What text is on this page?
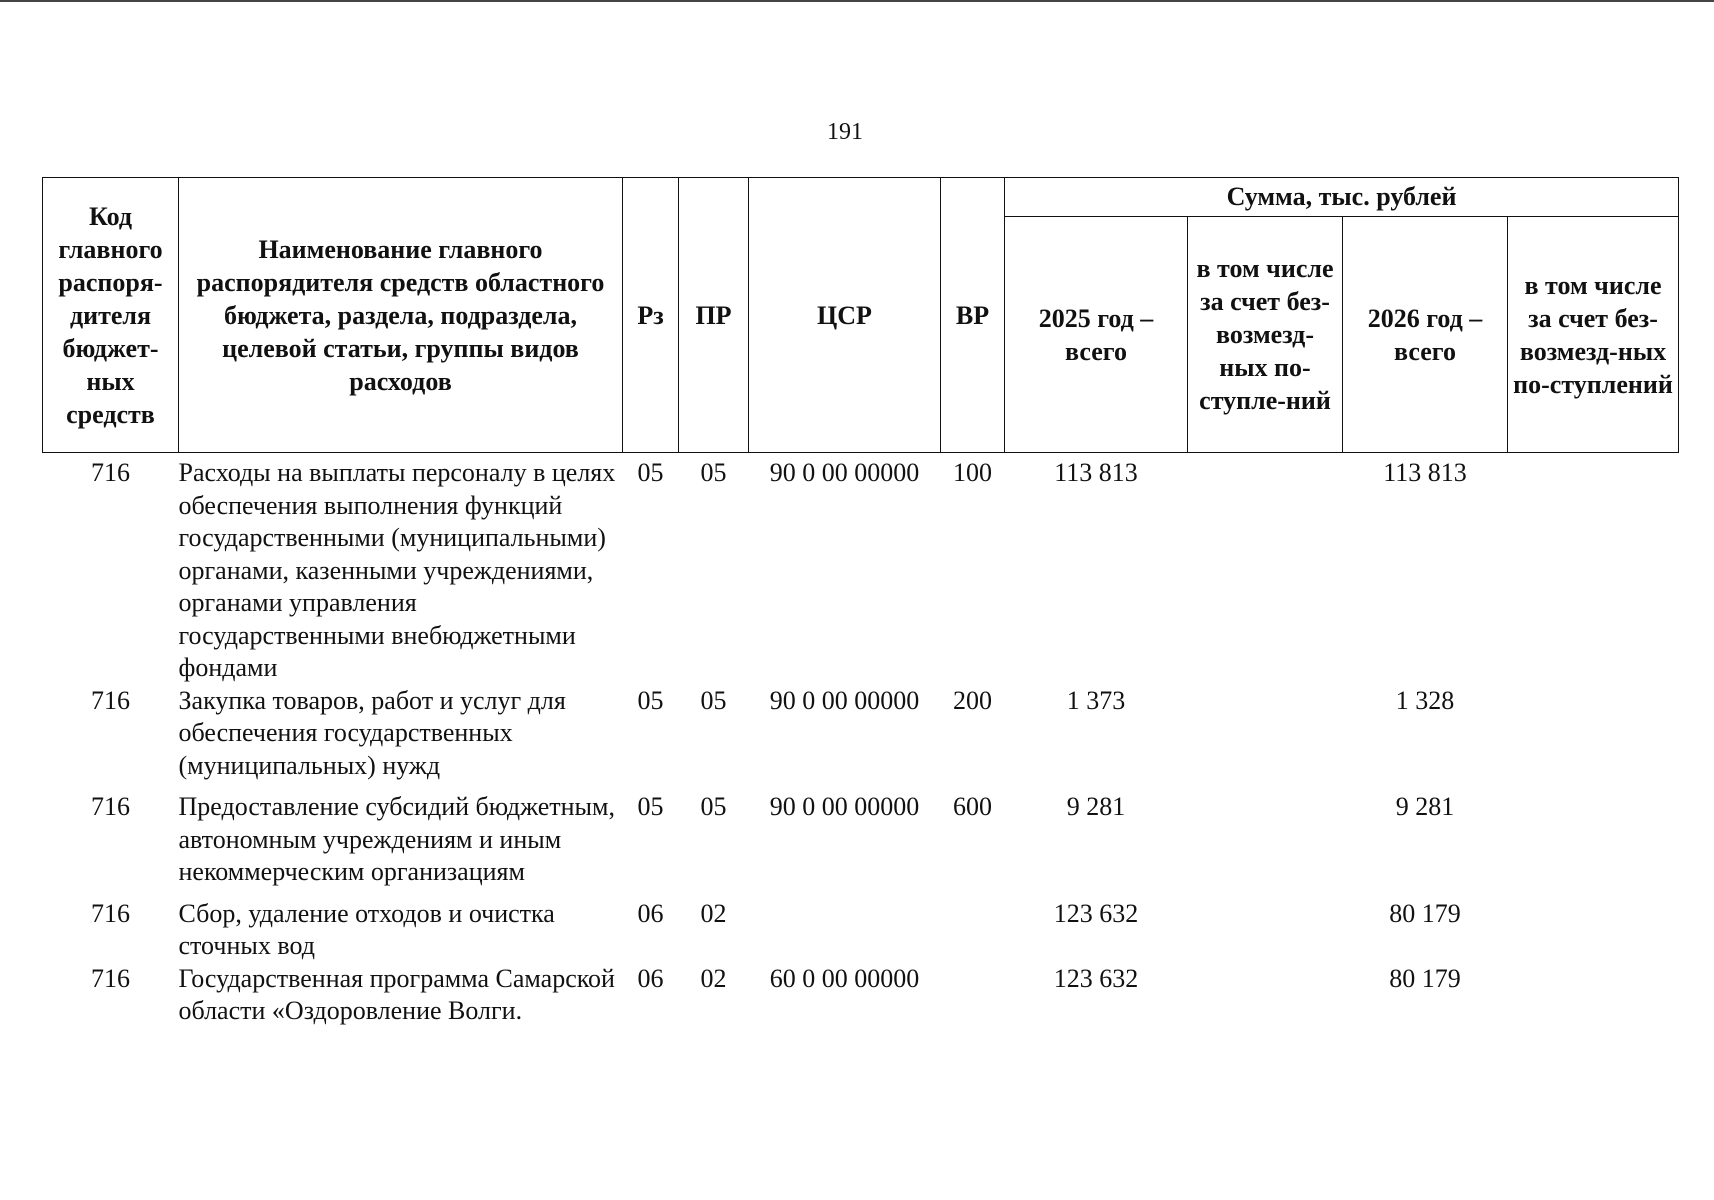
191
Код главного распоря-дителя бюджет-ных средств	Наименование главного распорядителя средств областного бюджета, раздела, подраздела, целевой статьи, группы видов расходов	Рз	ПР	ЦСР	ВР	Сумма, тыс. рублей			
						2025 год – всего	в том числе за счет без-возмезд-ных по-ступле-ний	2026 год – всего	в том числе за счет без-возмезд-ных по-ступлений
716	Расходы на выплаты персоналу в целях обеспечения выполнения функций государственными (муниципальными) органами, казенными учреждениями, органами управления государственными внебюджетными фондами	05	05	90 0 00 00000	100	113 813		113 813	
716	Закупка товаров, работ и услуг для обеспечения государственных (муниципальных) нужд	05	05	90 0 00 00000	200	1 373		1 328	
716	Предоставление субсидий бюджетным, автономным учреждениям и иным некоммерческим организациям	05	05	90 0 00 00000	600	9 281		9 281	
716	Сбор, удаление отходов и очистка сточных вод	06	02			123 632		80 179	
716	Государственная программа Самарской области «Оздоровление Волги.	06	02	60 0 00 00000		123 632		80 179	
